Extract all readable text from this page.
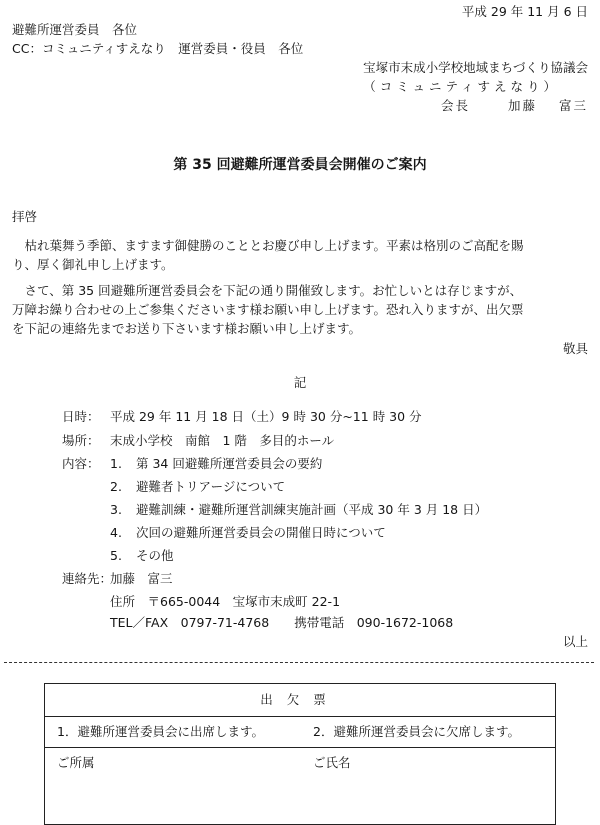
平成 29 年 11 月 6 日
避難所運営委員　各位
CC：コミュニティすえなり　運営委員・役員　各位
宝塚市末成小学校地域まちづくり協議会
（コミュニティすえなり）
会長	加藤 富三
第 35 回避難所運営委員会開催のご案内
拝啓
　枯れ葉舞う季節、ますます御健勝のこととお慶び申し上げます。平素は格別のご高配を賜
り、厚く御礼申し上げます。
　さて、第 35 回避難所運営委員会を下記の通り開催致します。お忙しいとは存じますが、
万障お繰り合わせの上ご参集くださいます様お願い申し上げます。恐れ入りますが、出欠票
を下記の連絡先までお送り下さいます様お願い申し上げます。
敬具
記
日時： 平成 29 年 11 月 18 日（土）9 時 30 分~11 時 30 分
場所： 末成小学校　南館　1 階　多目的ホール
内容： 1. 第 34 回避難所運営委員会の要約
2. 避難者トリアージについて
3. 避難訓練・避難所運営訓練実施計画（平成 30 年 3 月 18 日）
4. 次回の避難所運営委員会の開催日時について
5. その他
連絡先：加藤　富三
住所　〒665-0044　宝塚市末成町 22-1
TEL／FAX　0797-71-4768　　携帯電話　090-1672-1068
以上
出欠票
1．避難所運営委員会に出席します。	2．避難所運営委員会に欠席します。
ご所属	ご氏名
